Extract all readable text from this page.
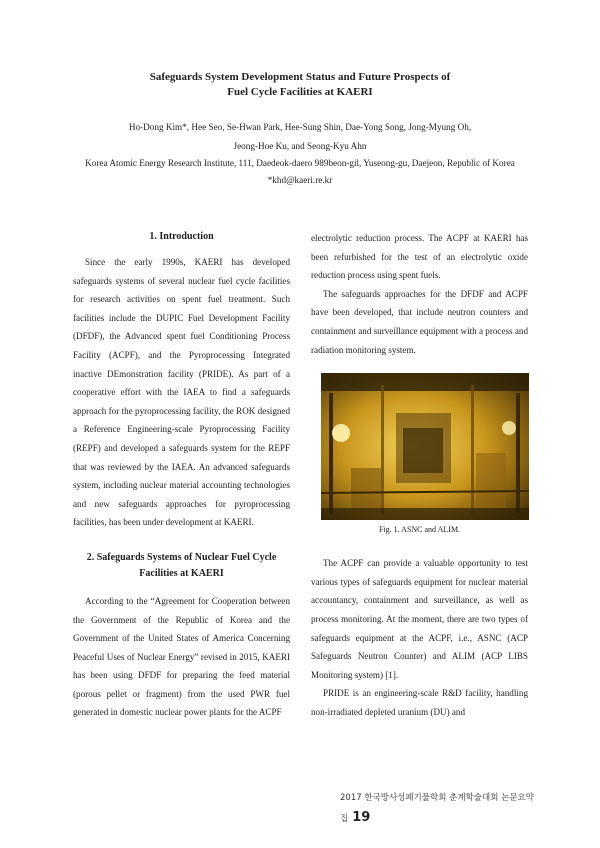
Safeguards System Development Status and Future Prospects of
Fuel Cycle Facilities at KAERI
Ho-Dong Kim*, Hee Seo, Se-Hwan Park, Hee-Sung Shin, Dae-Yong Song, Jong-Myung Oh,
Jeong-Hoe Ku, and Seong-Kyu Ahn
Korea Atomic Energy Research Institute, 111, Daedeok-daero 989beon-gil, Yuseong-gu, Daejeon, Republic of Korea
*khd@kaeri.re.kr
1. Introduction

Since the early 1990s, KAERI has developed safeguards systems of several nuclear fuel cycle facilities for research activities on spent fuel treatment. Such facilities include the DUPIC Fuel Development Facility (DFDF), the Advanced spent fuel Conditioning Process Facility (ACPF), and the Pyroprocessing Integrated inactive DEmonstration facility (PRIDE). As part of a cooperative effort with the IAEA to find a safeguards approach for the pyroprocessing facility, the ROK designed a Reference Engineering-scale Pyroprocessing Facility (REPF) and developed a safeguards system for the REPF that was reviewed by the IAEA. An advanced safeguards system, including nuclear material accounting technologies and new safeguards approaches for pyroprocessing facilities, has been under development at KAERI.

2. Safeguards Systems of Nuclear Fuel Cycle
Facilities at KAERI

According to the “Agreement for Cooperation between the Government of the Republic of Korea and the Government of the United States of America Concerning Peaceful Uses of Nuclear Energy” revised in 2015, KAERI has been using DFDF for preparing the feed material (porous pellet or fragment) from the used PWR fuel generated in domestic nuclear power plants for the ACPF

electrolytic reduction process. The ACPF at KAERI has been refurbished for the test of an electrolytic oxide reduction process using spent fuels.

The safeguards approaches for the DFDF and ACPF have been developed, that include neutron counters and containment and surveillance equipment with a process and radiation monitoring system.

Fig. 1. ASNC and ALIM.

The ACPF can provide a valuable opportunity to test various types of safeguards equipment for nuclear material accountancy, containment and surveillance, as well as process monitoring. At the moment, there are two types of safeguards equipment at the ACPF, i.e., ASNC (ACP Safeguards Neutron Counter) and ALIM (ACP LIBS Monitoring system) [1].

PRIDE is an engineering-scale R&D facility, handling non-irradiated depleted uranium (DU) and

2017 한국방사성폐기물학회 춘계학술대회 논문요약집 19
